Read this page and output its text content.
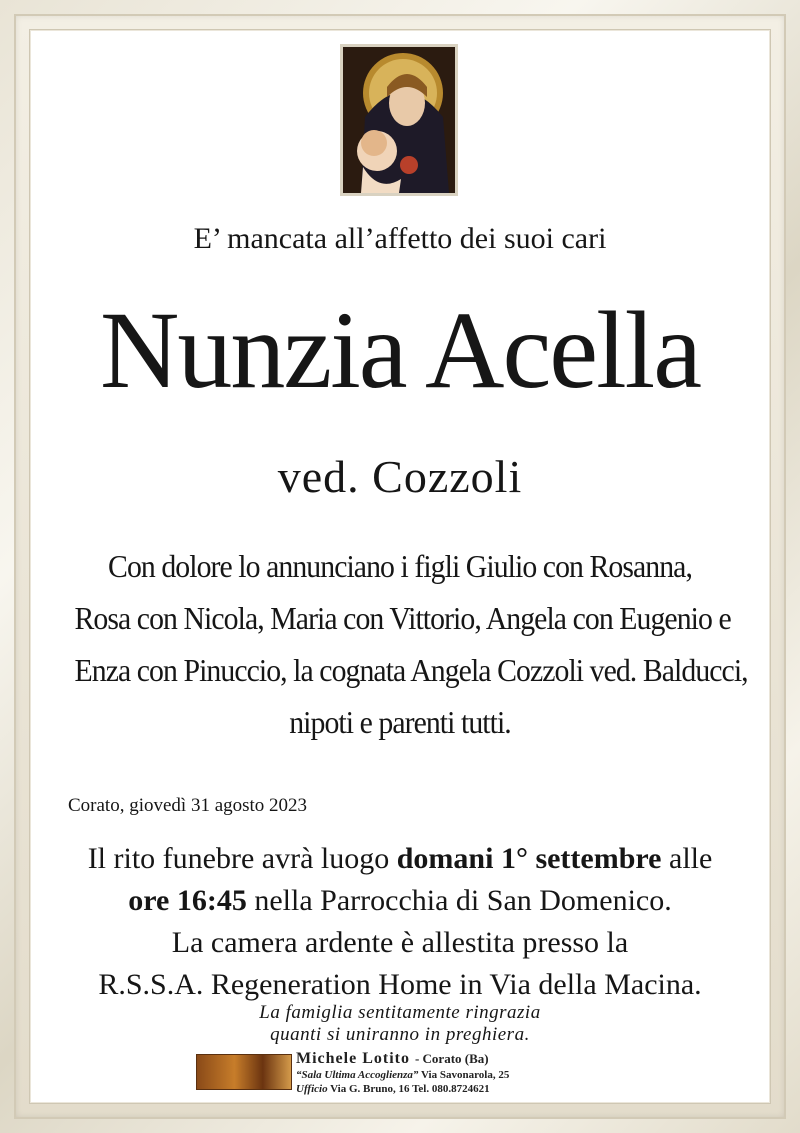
E’ mancata all’affetto dei suoi cari
Nunzia Acella
ved. Cozzoli
Con dolore lo annunciano i figli Giulio con Rosanna,
Rosa con Nicola, Maria con Vittorio, Angela con Eugenio e
Enza con Pinuccio, la cognata Angela Cozzoli ved. Balducci,
nipoti e parenti tutti.
Corato, giovedì 31 agosto 2023
Il rito funebre avrà luogo domani 1° settembre alle
ore 16:45 nella Parrocchia di San Domenico.
La camera ardente è allestita presso la
R.S.S.A. Regeneration Home in Via della Macina.
La famiglia sentitamente ringrazia
quanti si uniranno in preghiera.
Michele Lotito - Corato (Ba)
“Sala Ultima Accoglienza” Via Savonarola, 25
Ufficio Via G. Bruno, 16 Tel. 080.8724621
